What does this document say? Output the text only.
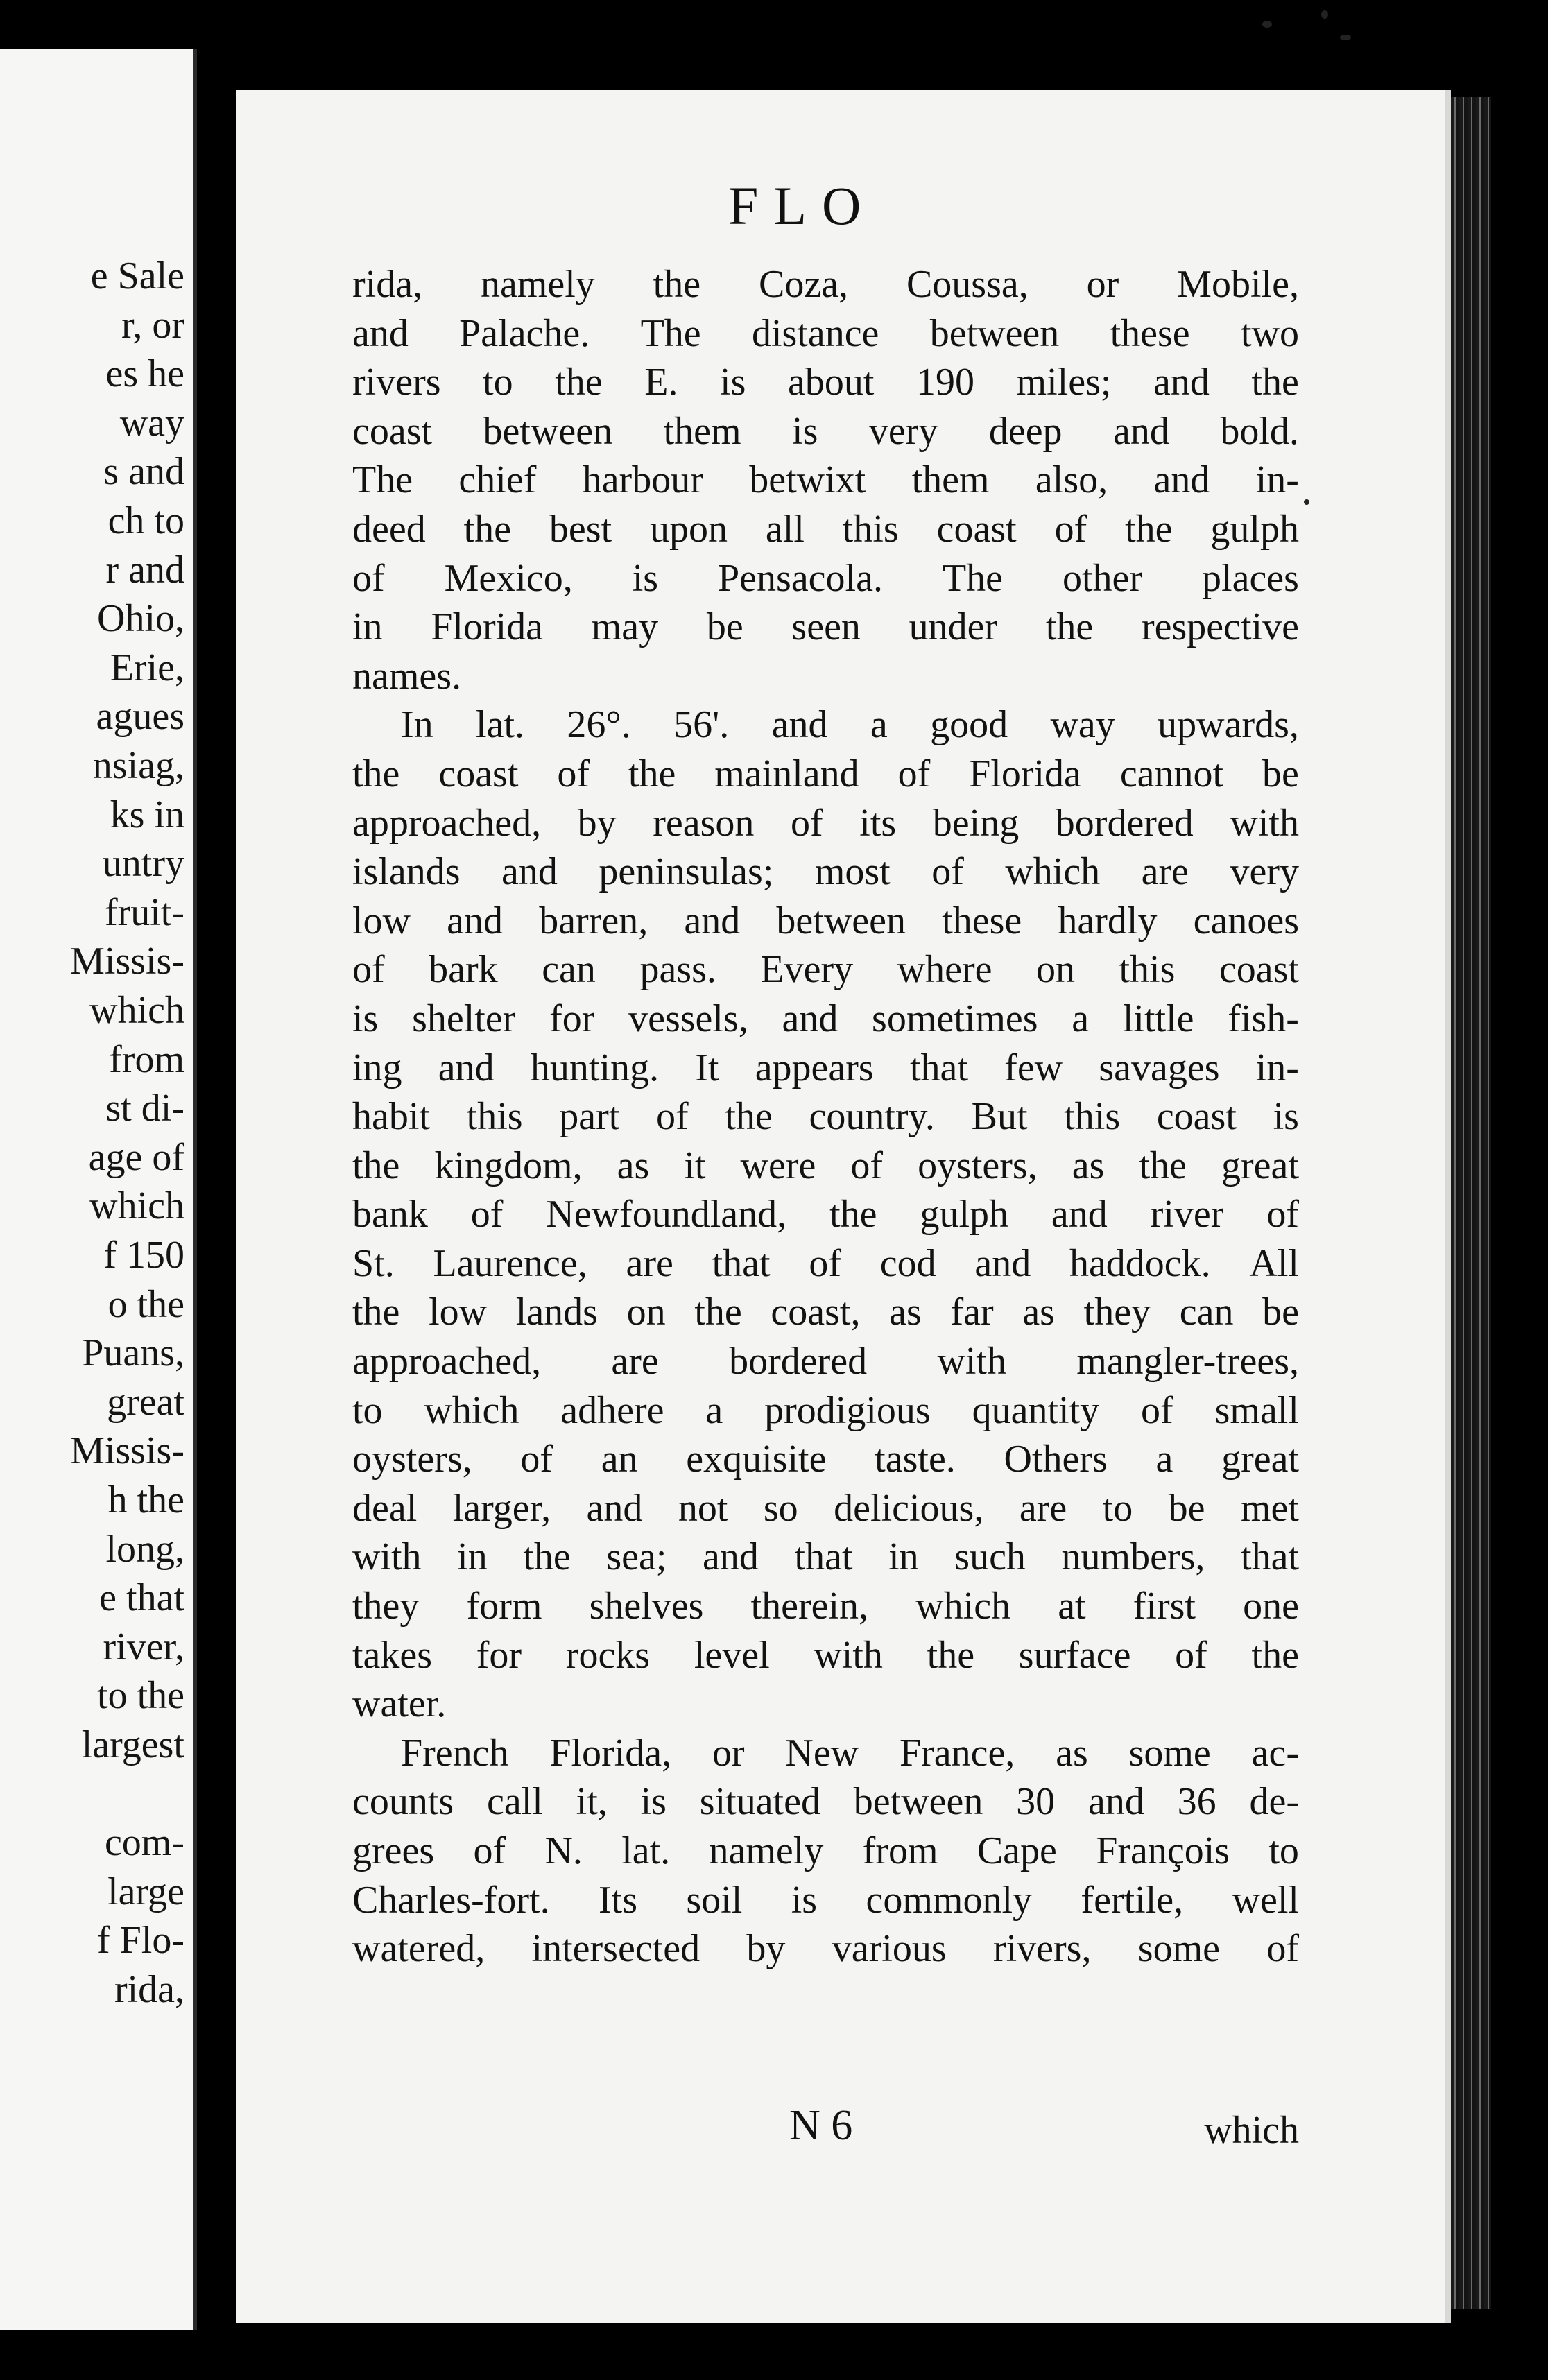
e Sale
r, or
es he
way
s and
ch to
r and
Ohio,
Erie,
agues
nsiag,
ks in
untry
fruit-
Missis-
which
from
st di-
age of
which
f 150
o the
Puans,
great
Missis-
h the
long,
e that
river,
to the
largest
com-
large
f Flo-
rida,
FLO
rida, namely the Coza, Coussa, or Mobile,
and Palache. The distance between these two
rivers to the E. is about 190 miles; and the
coast between them is very deep and bold.
The chief harbour betwixt them also, and in-
deed the best upon all this coast of the gulph
of Mexico, is Pensacola. The other places
in Florida may be seen under the respective
names.

In lat. 26°. 56'. and a good way upwards,
the coast of the mainland of Florida cannot be
approached, by reason of its being bordered with
islands and peninsulas; most of which are very
low and barren, and between these hardly canoes
of bark can pass. Every where on this coast
is shelter for vessels, and sometimes a little fish-
ing and hunting. It appears that few savages in-
habit this part of the country. But this coast is
the kingdom, as it were of oysters, as the great
bank of Newfoundland, the gulph and river of
St. Laurence, are that of cod and haddock. All
the low lands on the coast, as far as they can be
approached, are bordered with mangler-trees,
to which adhere a prodigious quantity of small
oysters, of an exquisite taste. Others a great
deal larger, and not so delicious, are to be met
with in the sea; and that in such numbers, that
they form shelves therein, which at first one
takes for rocks level with the surface of the
water.

French Florida, or New France, as some ac-
counts call it, is situated between 30 and 36 de-
grees of N. lat. namely from Cape François to
Charles-fort. Its soil is commonly fertile, well
watered, intersected by various rivers, some of
N 6	which
